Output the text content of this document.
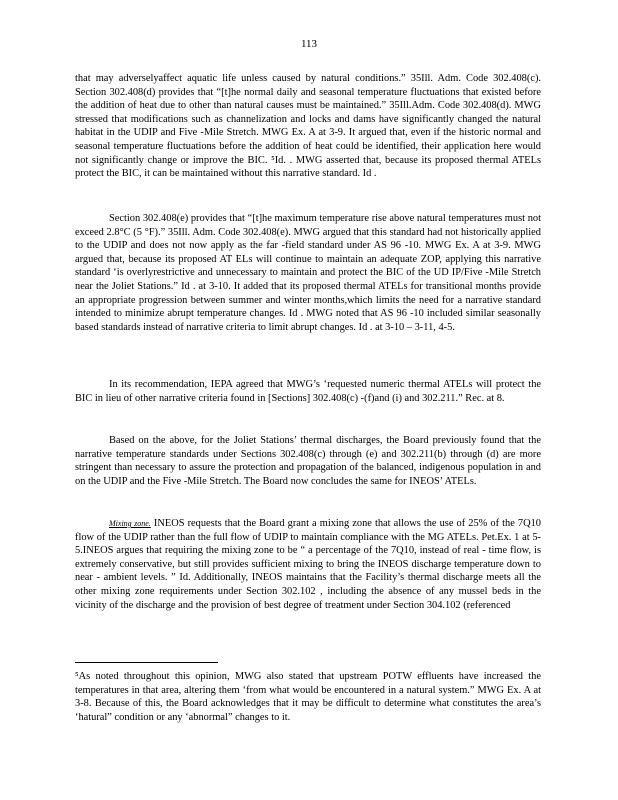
113

that may adverselyaffect aquatic life unless caused by natural conditions.” 35Ill. Adm. Code 302.408(c). Section 302.408(d) provides that “[t]he normal daily and seasonal temperature fluctuations that existed before the addition of heat due to other than natural causes must be maintained.” 35Ill.Adm. Code 302.408(d). MWG stressed that modifications such as channelization and locks and dams have significantly changed the natural habitat in the UDIP and Five -Mile Stretch. MWG Ex. A at 3-9. It argued that, even if the historic normal and seasonal temperature fluctuations before the addition of heat could be identified, their application here would not significantly change or improve the BIC. ⁵Id. . MWG asserted that, because its proposed thermal ATELs protect the BIC, it can be maintained without this narrative standard. Id .

Section 302.408(e) provides that “[t]he maximum temperature rise above natural temperatures must not exceed 2.8°C (5 °F).” 35Ill. Adm. Code 302.408(e). MWG argued that this standard had not historically applied to the UDIP and does not now apply as the far -field standard under AS 96 -10. MWG Ex. A at 3-9. MWG argued that, because its proposed AT ELs will continue to maintain an adequate ZOP, applying this narrative standard ‘is overlyrestrictive and unnecessary to maintain and protect the BIC of the UD IP/Five -Mile Stretch near the Joliet Stations.” Id . at 3-10. It added that its proposed thermal ATELs for transitional months provide an appropriate progression between summer and winter months,which limits the need for a narrative standard intended to minimize abrupt temperature changes. Id . MWG noted that AS 96 -10 included similar seasonally based standards instead of narrative criteria to limit abrupt changes. Id . at 3-10 – 3-11, 4-5.

In its recommendation, IEPA agreed that MWG’s ‘requested numeric thermal ATELs will protect the BIC in lieu of other narrative criteria found in [Sections] 302.408(c) -(f)and (i) and 302.211.” Rec. at 8.

Based on the above, for the Joliet Stations’ thermal discharges, the Board previously found that the narrative temperature standards under Sections 302.408(c) through (e) and 302.211(b) through (d) are more stringent than necessary to assure the protection and propagation of the balanced, indigenous population in and on the UDIP and the Five -Mile Stretch. The Board now concludes the same for INEOS’ ATELs.

Mixing zone. INEOS requests that the Board grant a mixing zone that allows the use of 25% of the 7Q10 flow of the UDIP rather than the full flow of UDIP to maintain compliance with the MG ATELs. Pet.Ex. 1 at 5-5.INEOS argues that requiring the mixing zone to be “ a percentage of the 7Q10, instead of real - time flow, is extremely conservative, but still provides sufficient mixing to bring the INEOS discharge temperature down to near - ambient levels. ” Id. Additionally, INEOS maintains that the Facility’s thermal discharge meets all the other mixing zone requirements under Section 302.102 , including the absence of any mussel beds in the vicinity of the discharge and the provision of best degree of treatment under Section 304.102 (referenced

⁵As noted throughout this opinion, MWG also stated that upstream POTW effluents have increased the temperatures in that area, altering them ‘from what would be encountered in a natural system.” MWG Ex. A at 3-8. Because of this, the Board acknowledges that it may be difficult to determine what constitutes the area’s ‘hatural” condition or any ‘abnormal” changes to it.
